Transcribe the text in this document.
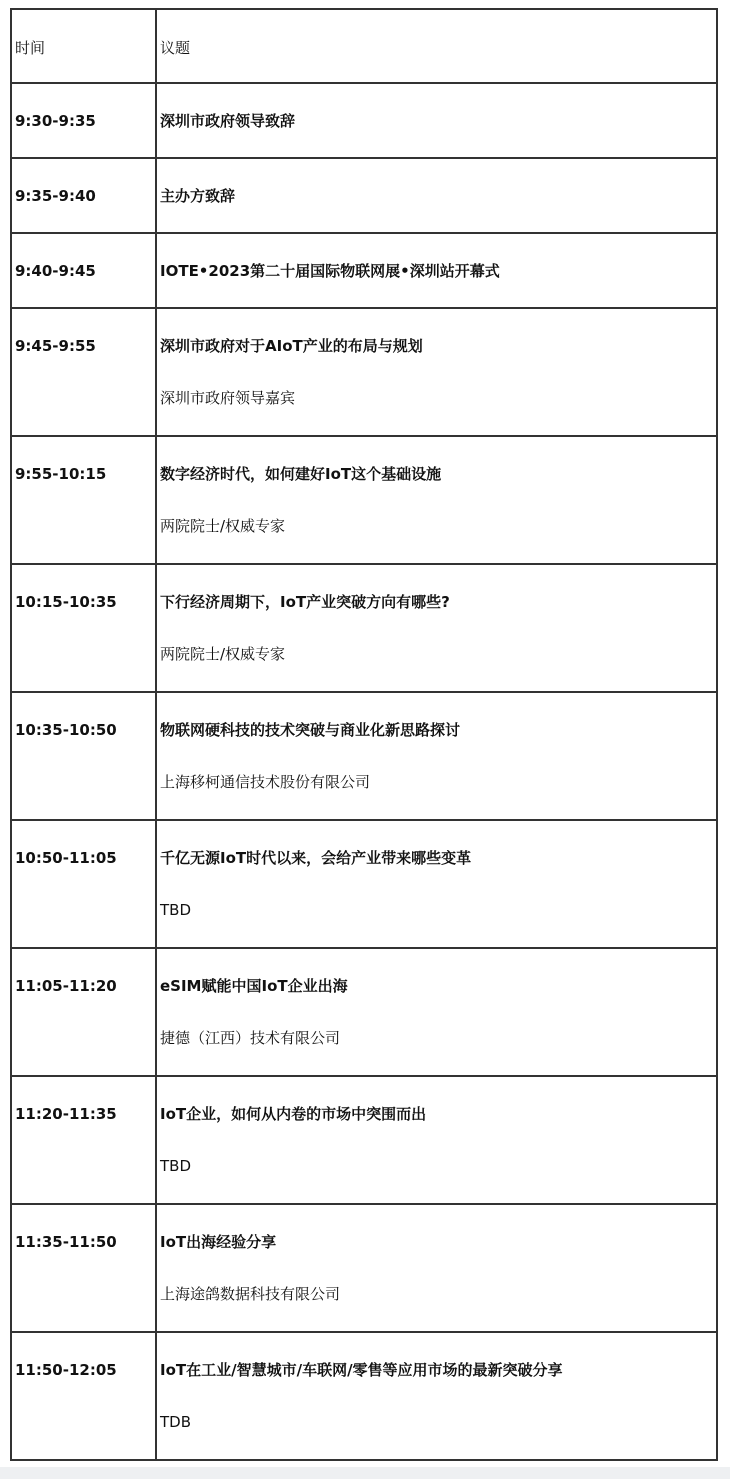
时间	议题
9:30-9:35	深圳市政府领导致辞

9:35-9:40	主办方致辞

9:40-9:45	IOTE•2023第二十届国际物联网展•深圳站开幕式

9:45-9:55	深圳市政府对于AIoT产业的布局与规划
深圳市政府领导嘉宾

9:55-10:15	数字经济时代，如何建好IoT这个基础设施
两院院士/权威专家

10:15-10:35	下行经济周期下，IoT产业突破方向有哪些?
两院院士/权威专家

10:35-10:50	物联网硬科技的技术突破与商业化新思路探讨
上海移柯通信技术股份有限公司

10:50-11:05	千亿无源IoT时代以来，会给产业带来哪些变革
TBD

11:05-11:20	eSIM赋能中国IoT企业出海
捷德（江西）技术有限公司

11:20-11:35	IoT企业，如何从内卷的市场中突围而出
TBD

11:35-11:50	IoT出海经验分享
上海途鸽数据科技有限公司

11:50-12:05	IoT在工业/智慧城市/车联网/零售等应用市场的最新突破分享
TDB
